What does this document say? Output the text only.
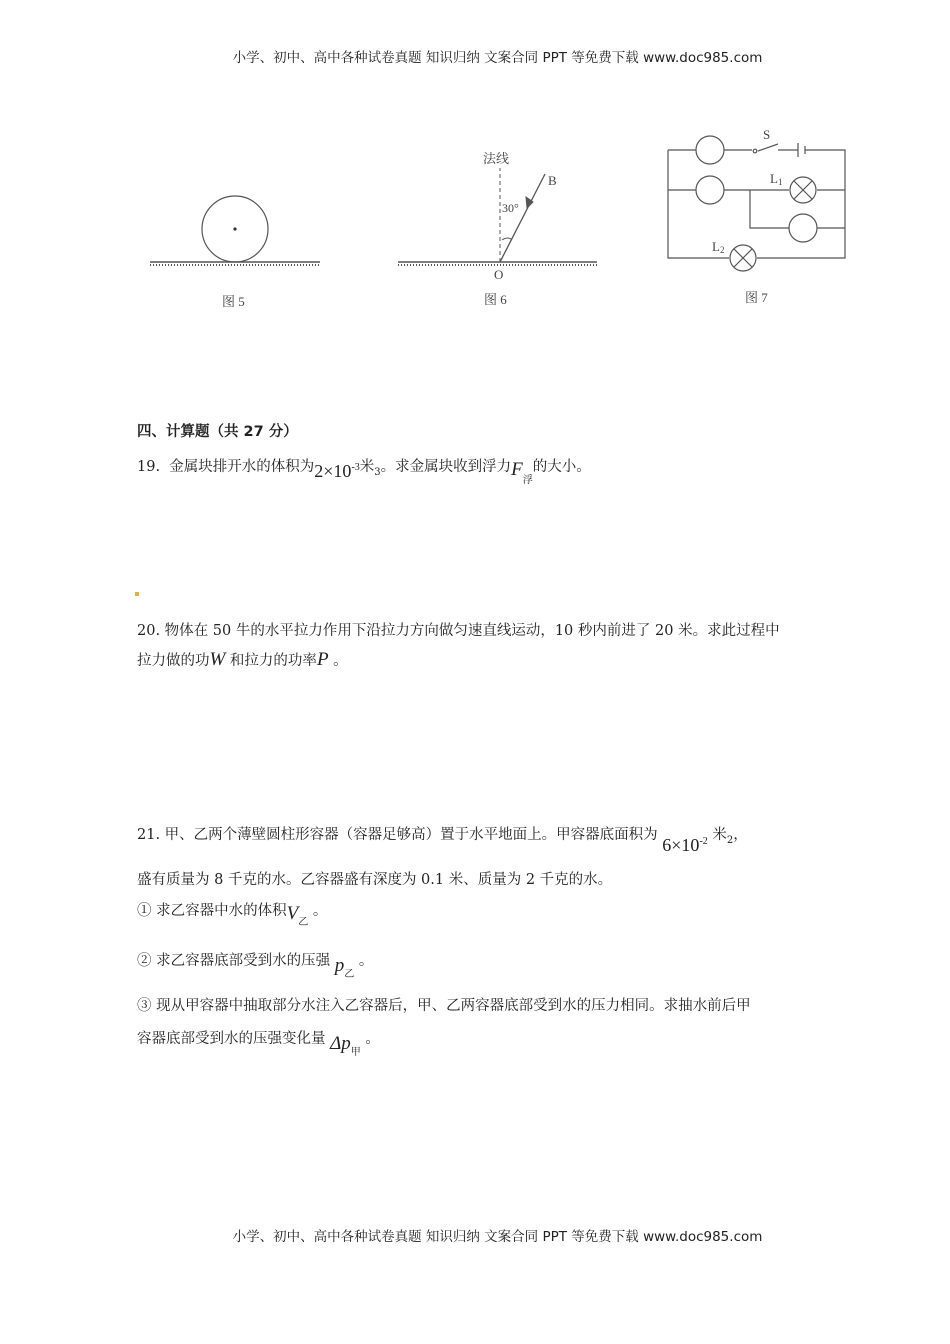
小学、初中、高中各种试卷真题 知识归纳 文案合同 PPT 等免费下载 www.doc985.com
图 5
法线
B
30°
O
图 6
S
L1
L2
图 7
四、计算题（共 27 分）
19. 金属块排开水的体积为$2\times 10^{-3}$米$_3$。求金属块收到浮力$F_浮$的大小。
20. 物体在 50 牛的水平拉力作用下沿拉力方向做匀速直线运动，10 秒内前进了 20 米。求此过程中
拉力做的功W 和拉力的功率P 。
21. 甲、乙两个薄壁圆柱形容器（容器足够高）置于水平地面上。甲容器底面积为 $6\times 10^{-2}$ 米$_2$，
盛有质量为 8 千克的水。乙容器盛有深度为 0.1 米、质量为 2 千克的水。
① 求乙容器中水的体积$V_乙$ 。
② 求乙容器底部受到水的压强 $p_乙$ 。
③ 现从甲容器中抽取部分水注入乙容器后，甲、乙两容器底部受到水的压力相同。求抽水前后甲
容器底部受到水的压强变化量 $\Delta p_甲$ 。
小学、初中、高中各种试卷真题 知识归纳 文案合同 PPT 等免费下载 www.doc985.com
